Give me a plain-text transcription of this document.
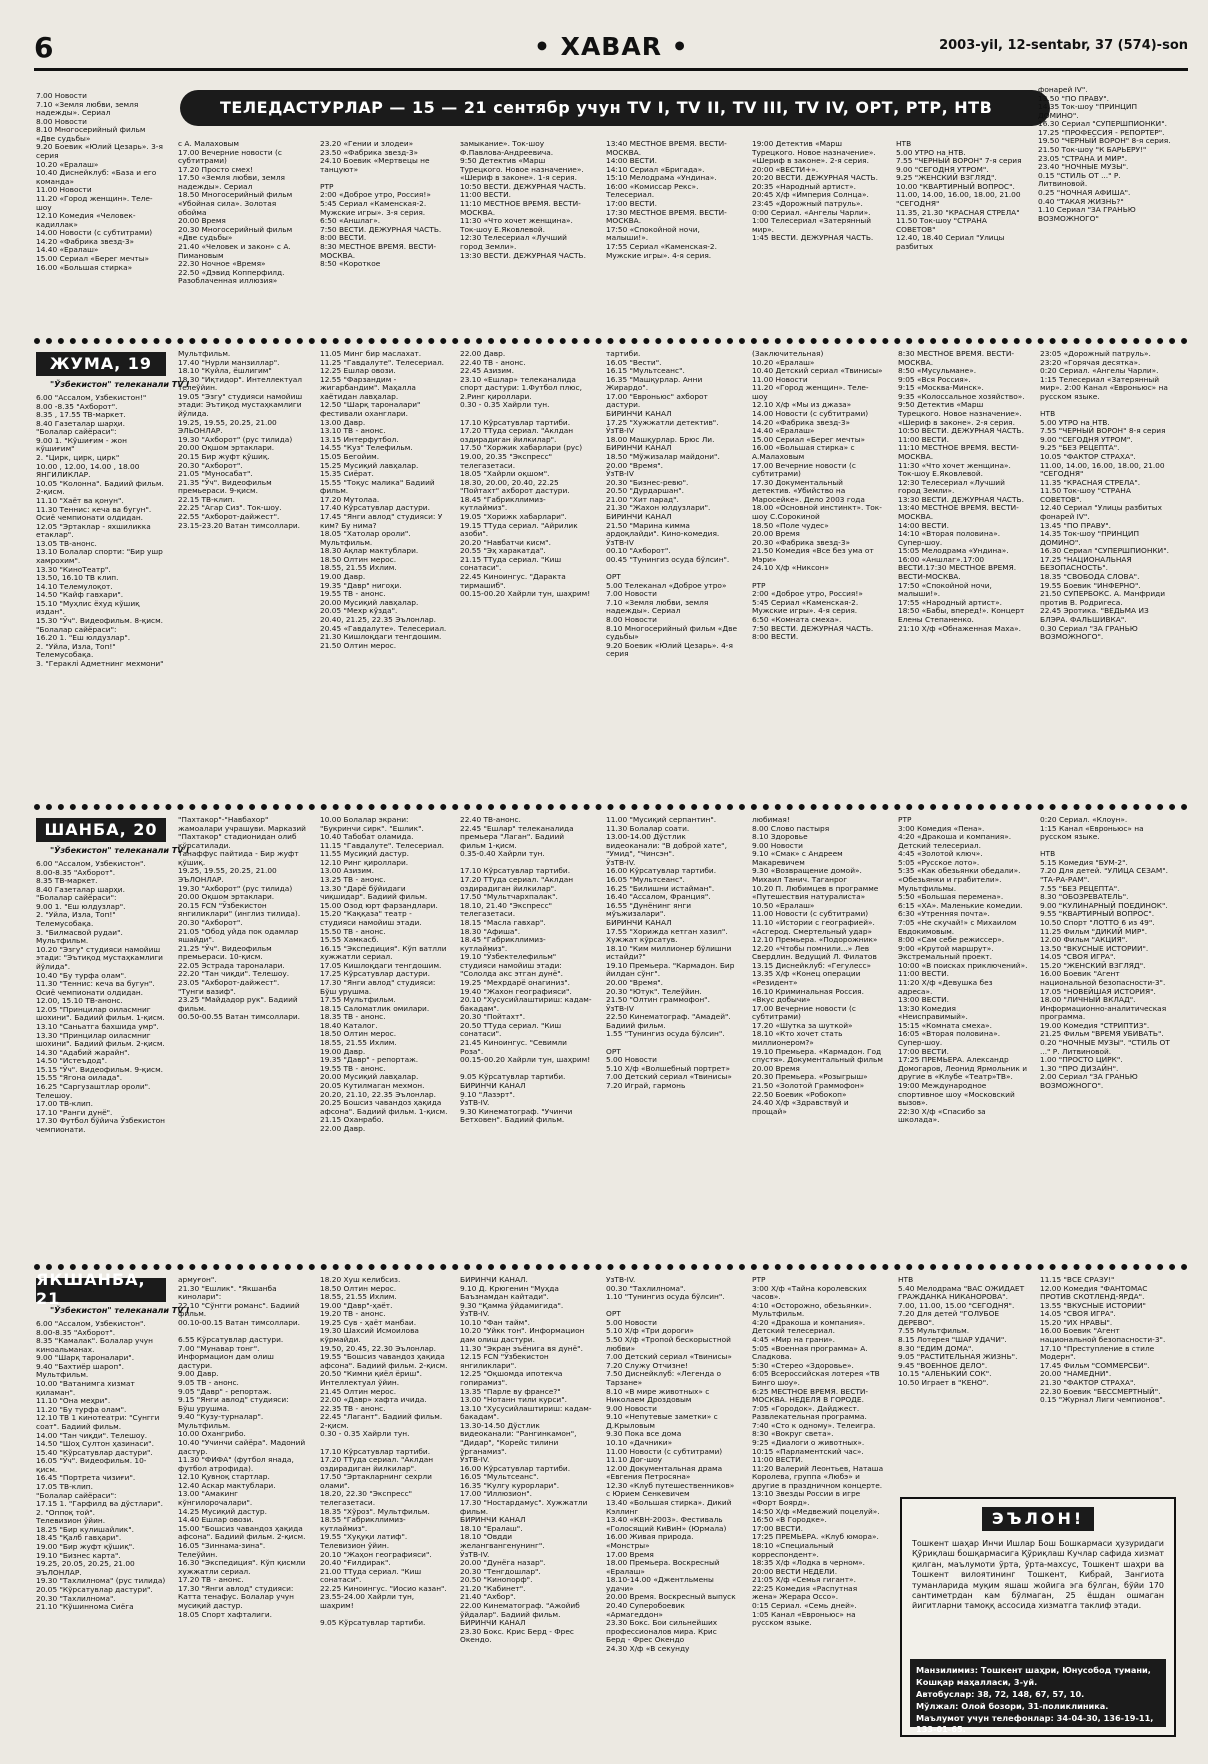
6	• XABAR •	2003-yil, 12-sentabr, 37 (574)-son
ТЕЛЕДАСТУРЛАР — 15 — 21 сентябр учун TV I, TV II, TV III, TV IV, ОРТ, РТР, НТВ
7.00 Новости
7.10 «Земля любви, земля надежды». Сериал
8.00 Новости
8.10 Многосерийный фильм «Две судьбы»
9.20 Боевик «Юлий Цезарь». 3-я серия
10.20 «Ералаш»
10.40 Диснейклуб: «База и его команда»
11.00 Новости
11.20 «Город женщин». Теле-шоу
12.10 Комедия «Человек-кадиллак»
14.00 Новости (с субтитрами)
14.20 «Фабрика звезд-3»
14.40 «Ералаш»
15.00 Сериал «Берег мечты»
16.00 «Большая стирка»
с А. Малаховым
17.00 Вечерние новости (с субтитрами)
17.20 Просто смех!
17.50 «Земля любви, земля надежды». Сериал
18.50 Многосерийный фильм «Убойная сила». Золотая обойма
20.00 Время
20.30 Многосерийный фильм «Две судьбы»
21.40 «Человек и закон» с А. Пимановым
22.30 Ночное «Время»
22.50 «Дэвид Копперфилд. Разоблаченная иллюзия»
23.20 «Гении и злодеи»
23.50 «Фабрика звезд-3»
24.10 Боевик «Мертвецы не танцуют»

РТР
2:00 «Доброе утро, Россия!»
5:45 Сериал «Каменская-2. Мужские игры». 3-я серия.
6:50 «Аншлаг».
7:50 ВЕСТИ. ДЕЖУРНАЯ ЧАСТЬ.
8:00 ВЕСТИ.
8:30 МЕСТНОЕ ВРЕМЯ. ВЕСТИ-МОСКВА.
8:50 «Короткое
замыкание». Ток-шоу Ф.Павлова-Андреевича.
9:50 Детектив «Марш Турецкого. Новое назначение». «Шериф в законе». 1-я серия.
10:50 ВЕСТИ. ДЕЖУРНАЯ ЧАСТЬ.
11:00 ВЕСТИ.
11:10 МЕСТНОЕ ВРЕМЯ. ВЕСТИ-МОСКВА.
11:30 «Что хочет женщина».
Ток-шоу Е.Яковлевой.
12:30 Телесериал «Лучший город Земли».
13:30 ВЕСТИ. ДЕЖУРНАЯ ЧАСТЬ.
13:40 МЕСТНОЕ ВРЕМЯ. ВЕСТИ-МОСКВА.
14:00 ВЕСТИ.
14:10 Сериал «Бригада».
15:10 Мелодрама «Ундина».
16:00 «Комиссар Рекс». Телесериал.
17:00 ВЕСТИ.
17:30 МЕСТНОЕ ВРЕМЯ. ВЕСТИ-МОСКВА.
17:50 «Спокойной ночи, малыши!».
17:55 Сериал «Каменская-2. Мужские игры». 4-я серия.
19:00 Детектив «Марш Турецкого. Новое назначение». «Шериф в законе». 2-я серия.
20:00 «ВЕСТИ+».
20:20 ВЕСТИ. ДЕЖУРНАЯ ЧАСТЬ.
20:35 «Народный артист».
20:45 Х/ф «Империя Солнца».
23:45 «Дорожный патруль».
0:00 Сериал. «Ангелы Чарли».
1:00 Телесериал «Затерянный мир».
1:45 ВЕСТИ. ДЕЖУРНАЯ ЧАСТЬ.
НТВ
5.00 УТРО на НТВ.
7.55 "ЧЕРНЫЙ ВОРОН" 7-я серия
9.00 "СЕГОДНЯ УТРОМ".
9.25 "ЖЕНСКИЙ ВЗГЛЯД".
10.00 "КВАРТИРНЫЙ ВОПРОС".
11.00, 14.00, 16.00, 18.00, 21.00 "СЕГОДНЯ"
11.35, 21.30 "КРАСНАЯ СТРЕЛА"
11.50 Ток-шоу "СТРАНА СОВЕТОВ"
12.40, 18.40 Сериал "Улицы разбитых
фонарей IV".
13.50 "ПО ПРАВУ".
14.35 Ток-шоу "ПРИНЦИП ДОМИНО".
16.30 Сериал "СУПЕРШПИОНКИ".
17.25 "ПРОФЕССИЯ - РЕПОРТЕР".
19.50 "ЧЕРНЫЙ ВОРОН" 8-я серия.
21.50 Ток-шоу "К БАРЬЕРУ!"
23.05 "СТРАНА И МИР".
23.40 "НОЧНЫЕ МУЗЫ".
0.15 "СТИЛЬ ОТ ..." Р. Литвиновой.
0.25 "НОЧНАЯ АФИША".
0.40 "ТАКАЯ ЖИЗНЬ?"
1.10 Сериал "ЗА ГРАНЬЮ ВОЗМОЖНОГО"
ЖУМА, 19
"Ўзбекистон" телеканали TV I
6.00 "Ассалом, Ўзбекистон!"
8.00 -8.35 "Ахборот".
8.35 , 17.55 ТВ-маркет.
8.40 Газеталар шарҳи.
"Болалар сайёраси":
9.00 1. "Кўшиғим - жон кўшиғим"
2. "Цирк, цирк, цирк"
10.00 , 12.00, 14.00 , 18.00 ЯНГИЛИКЛАР.
10.05 "Колонна". Бадиий фильм. 2-қисм.
11.10 "Хаёт ва қонун".
11.30 Теннис: кеча ва бугун". Осиё чемпионати олдидан.
12.05 "Эртаклар - яхшиликка етаклар".
13.05 ТВ-анонс.
13.10 Болалар спорти: "Бир ушр хамрохим".
13.30 "КиноТеатр".
13.50, 16.10 ТВ клип.
14.10 Телемулоқот.
14.50 "Кайф гавхари".
15.10 "Муҳлис ёхуд кўшиқ издан".
15.30 "Ўч". Видеофильм. 8-қисм.
"Болалар сайёраси":
16.20 1. "Еш юлдузлар".
2. "Уйла, Изла, Топ!" Телемусобақа.
3. "Гераклі Адметнинг мехмони"
Мультфильм.
17.40 "Нурли манзиллар".
18.10 "Куйла, ёшлигим"
18.30 "Иқтидор". Интеллектуал телеўйин.
19.05 "Эзгу" студияси намойиш этади: Эътиқод мустаҳкамлиги йўлида.
19.25, 19.55, 20.25, 21.00 ЭЛЬОНЛАР.
19.30 "Ахборот" (рус тилида)
20.00 Оқшом эртаклари.
20.15 Бир жуфт қўшиқ.
20.30 "Ахборот".
21.05 "Муносабат".
21.35 "Ўч". Видеофильм премьераси. 9-қисм.
22.15 ТВ-клип.
22.25 "Агар Сиз". Ток-шоу.
22.55 "Ахборот-дайжест".
23.15-23.20 Ватан тимсоллари.
11.05 Минг бир маслахат.
11.25 "Гавдалуте". Телесериал.
12.25 Ешлар овози.
12.55 "Фарзандим - жигарбандим". Маҳалла хаётидан лавҳалар.
12.50 "Шарқ тароналари" фестивали оханглари.
13.00 Давр.
13.10 ТВ - анонс.
13.15 Интерфутбол.
14.55 "Куз" Телефильм.
15.05 Бегойим.
15.25 Мусиқий лавҳалар.
15.35 Сиёрат.
15.55 "Тоқус малика" Бадиий фильм.
17.20 Мутолаа.
17.40 Кўрсатувлар дастури.
17.45 "Янги авлод" студияси: У ким? Бу нима?
18.05 "Хатолар ороли". Мультфильм.
18.30 Ақлар мактублари.
18.50 Олтин мерос.
18.55, 21.55 Ихлим.
19.00 Давр.
19.35 "Давр" нигоҳи.
19.55 ТВ - анонс.
20.00 Мусиқий лавҳалар.
20.05 "Мехр кўзда".
20.40, 21.25, 22.35 Эълонлар.
20.45 «Гавдалуте». Телесериал.
21.30 Кишлоқдаги тенгдошим.
21.50 Олтин мерос.
22.00 Давр.
22.40 ТВ - анонс.
22.45 Азизим.
23.10 «Ешлар» телеканалида спорт дастури: 1.Футбол плюс, 2.Ринг қироллари.
0.30 - 0.35 Хайрли тун.

17.10 Кўрсатувлар тартиби.
17.20 ТТуда сериал. "Аклдан оздирадиган йилкилар".
17.50 "Хоржик хабарлари (рус)
19.00, 20.35 "Экспресс" телегазетаси.
18.05 "Хайрли оқшом".
18.30, 20.00, 20.40, 22.25 "Пойтахт" ахборот дастури.
18.45 "Габрикллимиз-кутлаймиз".
19.05 "Хорижк хабарлари".
19.15 ТТуда сериал. "Айрилик азоби".
20.20 "Навбатчи кисм".
20.55 "Эҳ харакатда".
21.15 ТТуда сериал. "Киш сонатаси".
22.45 Киноингус. "Даракта тирмашиб".
00.15-00.20 Хайрли тун, шаҳрим!
тартиби.
16.05 "Вести".
16.15 "Мультсеанс".
16.35 "Машқурлар. Анни Жирардо".
17.00 "Евроньюс" ахборот дастури.
БИРИНЧИ КАНАЛ
17.25 "Хужжатли детектив".
ЎзТВ-IV
18.00 Машқурлар. Брюс Ли.
БИРИНЧИ КАНАЛ
18.50 "Мўжизалар майдони".
20.00 "Время".
ЎзТВ-IV
20.30 "Бизнес-ревю".
20.50 "Дурдаршан".
21.00 "Хит парад".
21.30 "Жахон юлдузлари".
БИРИНЧИ КАНАЛ
21.50 "Марина кимма ардоқлайди". Кино-комедия.
ЎзТВ-IV
00.10 "Ахборот".
00.45 "Тунингиз осуда бўлсин".

ОРТ
5.00 Телеканал «Доброе утро»
7.00 Новости
7.10 «Земля любви, земля надежды». Сериал
8.00 Новости
8.10 Многосерийный фильм «Две судьбы»
9.20 Боевик «Юлий Цезарь». 4-я серия
(Заключительная)
10.20 «Ералаш»
10.40 Детский сериал «Твинисы»
11.00 Новости
11.20 «Город женщин». Теле-шоу
12.10 Х/ф «Мы из джаза»
14.00 Новости (с субтитрами)
14.20 «Фабрика звезд-3»
14.40 «Ералаш»
15.00 Сериал «Берег мечты»
16.00 «Большая стирка» с А.Малаховым
17.00 Вечерние новости (с субтитрами)
17.30 Документальный детектив. «Убийство на Маросейке». Дело 2003 года
18.00 «Основной инстинкт». Ток-шоу С.Сорокиной
18.50 «Поле чудес»
20.00 Время
20.30 «Фабрика звезд-3»
21.50 Комедия «Все без ума от Мэри»
24.10 Х/ф «Никсон»

РТР
2:00 «Доброе утро, Россия!»
5:45 Сериал «Каменская-2. Мужские игры». 4-я серия.
6:50 «Комната смеха».
7:50 ВЕСТИ. ДЕЖУРНАЯ ЧАСТЬ.
8:00 ВЕСТИ.
8:30 МЕСТНОЕ ВРЕМЯ. ВЕСТИ-МОСКВА.
8:50 «Мусульмане».
9:05 «Вся Россия».
9:15 «Москва-Минск».
9:35 «Колоссальное хозяйство».
9:50 Детектив «Марш Турецкого. Новое назначение». «Шериф в законе». 2-я серия.
10:50 ВЕСТИ. ДЕЖУРНАЯ ЧАСТЬ.
11:00 ВЕСТИ.
11:10 МЕСТНОЕ ВРЕМЯ. ВЕСТИ-МОСКВА.
11:30 «Что хочет женщина». Ток-шоу Е.Яковлевой.
12:30 Телесериал «Лучший город Земли».
13:30 ВЕСТИ. ДЕЖУРНАЯ ЧАСТЬ.
13:40 МЕСТНОЕ ВРЕМЯ. ВЕСТИ-МОСКВА.
14:00 ВЕСТИ.
14:10 «Вторая половина». Супер-шоу.
15:05 Мелодрама «Ундина».
16:00 «Аншлаг».17:00 ВЕСТИ.17:30 МЕСТНОЕ ВРЕМЯ. ВЕСТИ-МОСКВА.
17:50 «Спокойной ночи, малыши!».
17:55 «Народный артист».
18:50 «Бабы, вперед!». Концерт Елены Степаненко.
21:10 Х/ф «Обнаженная Маха».
23:05 «Дорожный патруль». 23:20 «Горячая десятка».
0:20 Сериал. «Ангелы Чарли».
1:15 Телесериал «Затерянный мир». 2:00 Канал «Евроньюс» на русском языке.

НТВ
5.00 УТРО на НТВ.
7.55 "ЧЕРНЫЙ ВОРОН" 8-я серия
9.00 "СЕГОДНЯ УТРОМ".
9.25 "БЕЗ РЕЦЕПТА".
10.05 "ФАКТОР СТРАХА".
11.00, 14.00, 16.00, 18.00, 21.00 "СЕГОДНЯ"
11.35 "КРАСНАЯ СТРЕЛА".
11.50 Ток-шоу "СТРАНА СОВЕТОВ".
12.40 Сериал "Улицы разбитых фонарей IV".
13.45 "ПО ПРАВУ".
14.35 Ток-шоу "ПРИНЦИП ДОМИНО".
16.30 Сериал "СУПЕРШПИОНКИ".
17.25 "НАЦИОНАЛЬНАЯ БЕЗОПАСНОСТЬ".
18.35 "СВОБОДА СЛОВА".
19.55 Боевик "ИНФЕРНО".
21.50 СУПЕРБОКС. А. Манфриди против В. Родригеса.
22.45 Эротика. "ВЕДЬМА ИЗ БЛЭРА. ФАЛЬШИВКА".
0.30 Сериал "ЗА ГРАНЬЮ ВОЗМОЖНОГО".
ШАНБА, 20
"Ўзбекистон" телеканали TV I
6.00 "Ассалом, Ўзбекистон".
8.00-8.35 "Ахборот".
8.35 ТВ-маркет.
8.40 Газеталар шарҳи.
"Болалар сайёраси":
9.00 1. "Еш юлдузлар".
2. "Уйла, Изла, Топ!" Телемусобақа.
3. "Билмасвой рудаи". Мультфильм.
10.20 "Эзгу" студияси намойиш этади: "Эътиқод мустаҳкамлиги йўлида".
10.40 "Бу турфа олам".
11.30 "Теннис: кеча ва бугун". Осиё чемпионати олдидан.
12.00, 15.10 ТВ-анонс.
12.05 "Принцилар оилаcмниг шохини". Бадиий фильм. 1-қисм.
13.10 "Саньатга бахшида умр".
13.30 "Принцилар оилаcмниг шохини". Бадиий фильм. 2-қисм.
14.30 "Адабий жарайн".
14.50 "Истеъдод".
15.15 "Ўч". Видеофильм. 9-қисм.
15.55 "Ягона оилада".
16.25 "Саргузаштлар ороли". Телешоу.
17.00 ТВ-клип.
17.10 "Ранги дунё".
17.30 Футбол бўйича Ўзбекистон чемпионати.
"Пахтакор"-"Навбахор" жамоалари учрашуви. Марказий "Пахтакор" стадионидан олиб кўрсатилади.
Танаффус пайтида - Бир жуфт қўшиқ.
19.25, 19.55, 20.25, 21.00 ЭЪЛОНЛАР.
19.30 "Ахборот" (рус тилида)
20.00 Оқшом эртаклари.
20.15 FCN "Ўзбекистон янгиликлари" (инглиз тилида).
20.30 "Ахборот".
21.05 "Обод уйда пок одамлар яшайди".
21.25 "Ўч". Видеофильм премьераси. 10-қисм.
22.05 Эстрада тароналари.
22.20 "Тан чиқди". Телешоу.
23.05 "Ахборот-дайжест".
"Тунги вазиф".
23.25 "Майдадор рук". Бадиий фильм.
00.50-00.55 Ватан тимсоллари.
10.00 Болалар экрани: "Букринчи сирк". "Ешлик".
10.40 Табобат оламида.
11.15 "Гавдалуте". Телесериал.
11.55 Мусиқий дастур.
12.10 Ринг қироллари.
13.00 Азизим.
13.25 ТВ - анонс.
13.30 "Дарё бўйидаги чиқшидар". Бадиий фильм.
15.00 Озод юрт фарзандлари.
15.20 "Каққаза" театр - студияси намойиш этади.
15.50 ТВ - анонс.
15.55 Хамкасб.
16.15 "Экспедиция". Кўп ватлли хужжатли сериал.
17.05 Кишлоқдаги тенгдошим.
17.25 Кўрсатувлар дастури.
17.30 "Янги авлод" студияси: Бўш урушма.
17.55 Мультфильм.
18.15 Саломатлик омилари.
18.35 ТВ - анонс.
18.40 Каталог.
18.50 Олтин мерос.
18.55, 21.55 Ихлим.
19.00 Давр.
19.35 "Давр" - репортаж.
19.55 ТВ - анонс.
20.00 Мусиқий лавҳалар.
20.05 Кутилмаган мехмон.
20.20, 21.10, 22.35 Эълонлар.
20.25 Бошсиз чавандоз ҳақида афсона". Бадиий фильм. 1-қисм.
21.15 Оханрабо.
22.00 Давр.
22.40 ТВ-анонс.
22.45 "Ешлар" телеканалида премьера "Лаган". Бадиий фильм 1-қисм.
0.35-0.40 Хайрли тун.

17.10 Кўрсатувлар тартиби.
17.20 ТТуда сериал. "Аклдан оздирадиган йилкилар".
17.50 "Мультчархпалак".
18.10, 21.40 "Экспресс" телегазетаси.
18.15 "Масла гавхар".
18.30 "Афиша".
18.45 "Габрикллимиз-кутлаймиз".
19.10 "Ўзбектелефильм" студияси намойиш этади: "Сололда акс этган дунё".
19.25 "Мехрдарё онагиниз".
19.40 "Жахон географияси".
20.10 "Хусусийлаштириш: кадам-бакадам".
20.30 "Пойтахт".
20.50 ТТуда сериал. "Киш сонатаси".
21.45 Киноингус. "Севимли Роза".
00.15-00.20 Хайрли тун, шаҳрим!

9.05 Кўрсатувлар тартиби.
БИРИНЧИ КАНАЛ
9.10 "Лазэрт".
ЎзТВ-IV.
9.30 Кинематограф. "Учинчи Бетховен". Бадиий фильм.
11.00 "Мусиқий серпантин".
11.30 Болалар соати.
13.00-14.00 Дўстлик видеоканали: "В доброй хате", "Умид", "Чинсэн".
ЎзТВ-IV.
16.00 Кўрсатувлар тартиби.
16.05 "Мультсеанс".
16.25 "Билишни истайман".
16.40 "Ассалом, Франция".
16.55 "Дунёнинг янги мўъжизалари".
БИРИНЧИ КАНАЛ
17.55 "Хорижда кетган хазил".
Хужжат кўрсатув.
18.10 "Ким миллионер бўлишни истайди?"
19.10 Премьера. "Кармадон. Бир йилдан сўнг".
20.00 "Время".
20.30 "Ютук". Телеўйин.
21.50 "Олтин граммофон".
ЎзТВ-IV
22.50 Кинематограф. "Амадей". Бадиий фильм.
1.55 "Тунингиз осуда бўлсин".

ОРТ
5.00 Новости
5.10 Х/ф «Волшебный портрет»
7.00 Детский сериал «Твинисы»
7.20 Играй, гармонь
любимая!
8.00 Слово пастыря
8.10 Здоровье
9.00 Новости
9.10 «Смак» с Андреем Макаревичем
9.30 «Возвращение домой». Михаил Танич. Таганрог
10.20 П. Любимцев в программе «Путешествия натуралиста»
10.50 «Ералаш»
11.00 Новости (с субтитрами)
11.10 «Истории с географией». «Асгерод. Смертельный удар»
12.10 Премьера. «Подорожник»
12.20 «Чтобы помнили...» Лев Свердлин. Ведущий Л. Филатов
13.15 Диснейклуб: «Гегулесс»
13.35 Х/ф «Конец операции «Резидент»
16.10 Криминальная Россия. «Вкус добычи»
17.00 Вечерние новости (с субтитрами)
17.20 «Шутка за шуткой»
18.10 «Кто хочет стать миллионером?»
19.10 Премьера. «Кармадон. Год спустя». Документальный фильм
20.00 Время
20.30 Премьера. «Розыгрыш»
21.50 «Золотой Граммофон»
22.50 Боевик «Робокоп»
24.40 Х/ф «Здравствуй и прощай»
РТР
3:00 Комедия «Пена».
4:20 «Дракоша и компания». Детский телесериал.
4:45 «Золотой ключ».
5:05 «Русское лото».
5:35 «Как обезьянки обедали». «Обезьянки и грабители». Мультфильмы.
5:50 «Большая перемена».
6:15 «ХА». Маленькие комедии.
6:30 «Утренняя почта».
7:05 «Не скучай!» с Михаилом Евдокимовым.
8:00 «Сам себе режиссер».
9:00 «Крутой маршрут». Экстремальный проект.
10:00 «В поисках приключений».
11:00 ВЕСТИ.
11:20 Х/ф «Девушка без адреса».
13:00 ВЕСТИ.
13:30 Комедия «Неисправимый».
15:15 «Комната смеха».
16:05 «Вторая половина». Супер-шоу.
17:00 ВЕСТИ.
17:25 ПРЕМЬЕРА. Александр Домогаров, Леонид Ярмольник и другие в «Клубе «Театр»ТВ».
19:00 Международное спортивное шоу «Московский вызов».
22:30 Х/ф «Спасибо за школада».
0:20 Сериал. «Клоун».
1:15 Канал «Евроньюс» на русском языке.

НТВ
5.15 Комедия "БУМ-2".
7.20 Для детей. "УЛИЦА СЕЗАМ". "ТА-РА-РАМ".
7.55 "БЕЗ РЕЦЕПТА".
8.30 "ОБОЗРЕВАТЕЛЬ".
9.00 "КУЛИНАРНЫЙ ПОЕДИНОК".
9.55 "КВАРТИРНЫЙ ВОПРОС".
10.50 Спорт "ЛОТТО 6 из 49".
11.25 Фильм "ДИКИЙ МИР".
12.00 Фильм "АКЦИЯ".
13.50 "ВКУСНЫЕ ИСТОРИИ".
14.05 "СВОЯ ИГРА".
15.20 "ЖЕНСКИЙ ВЗГЛЯД".
16.00 Боевик "Агент национальной безопасности-3".
17.05 "НОВЕЙШАЯ ИСТОРИЯ".
18.00 "ЛИЧНЫЙ ВКЛАД". Информационно-аналитическая программа.
19.00 Комедия "СТРИПТИЗ".
21.25 Фильм "ВРЕМЯ УБИВАТЬ".
0.20 "НОЧНЫЕ МУЗЫ". "СТИЛЬ ОТ ..." Р. Литвиновой.
1.00 "ПРОСТО ЦИРК".
1.30 "ПРО ДИЗАЙН".
2.00 Сериал "ЗА ГРАНЬЮ ВОЗМОЖНОГО".
ЯКШАНБА, 21
"Ўзбекистон" телеканали TV I
6.00 "Ассалом, Ўзбекистон".
8.00-8.35 "Ахборот".
8.35 "Камалак". Болалар учун киноальманах.
9.00 "Шарқ тароналари".
9.40 "Бахтиёр шароп". Мультфильм.
10.00 "Ватанимга хизмат қиламан".
11.10 "Она меҳри".
11.20 "Бу турфа олам".
12.10 ТВ 1 кинотеатри: "Сунгги соат". Бадиий фильм.
14.00 "Тан чиқди". Телешоу.
14.50 "Шоҳ Султон ҳазинаси".
15.40 "Кўрсатувлар дастури".
16.05 "Ўч". Видеофильм. 10-қисм.
16.45 "Портрета чизиғи".
17.05 ТВ-клип.
"Болалар сайёраси":
17.15 1. "Гарфилд ва дўстлари".
2. "Оппоқ той".
Телевизион ўйин.
18.25 "Бир кулишайлик".
18.45 "Қалб гавҳари".
19.00 "Бир жуфт қўшиқ".
19.10 "Бизнес карта".
19.25, 20.05, 20.25, 21.00 ЭЪЛОНЛАР.
19.30 "Тахлилнома" (рус тилида)
20.05 "Кўрсатувлар дастури".
20.30 "Тахлилнома".
21.10 "Кўшиннома Сиёга
армуғон".
21.30 "Ешлик". "Якшанба кинолари":
22.10 "Сўнгги романс". Бадиий фильм.
00.10-00.15 Ватан тимсоллари.

6.55 Кўрсатувлар дастури.
7.00 "Мунавар тонг". Информацион дам олиш дастури.
9.00 Давр.
9.05 ТВ - анонс.
9.05 "Давр" - репортаж.
9.15 "Янги авлод" студияси: Бўш урушма.
9.40 "Кузу-турналар". Мультфильм.
10.00 Охангрибо.
10.40 "Учинчи сайёра". Мадоний дастур.
11.30 "ФИФА" (футбол янада, футбол атрофида).
12.10 Қувноқ стартлар.
12.40 Аскар мактублари.
13.00 "Амакинг кўнгилорочалари".
14.25 Мусиқий дастур.
14.40 Ешлар овози.
15.00 "Бошсиз чавандоз ҳақида афсона". Бадиий фильм. 2-қисм.
16.05 "Зиннама-зина". Телеўйин.
16.30 "Экспедиция". Кўп қисмли хужжатли сериал.
17.20 ТВ - анонс.
17.30 "Янги авлод" студияси: Катта тенафус. Болалар учун мусиқий дастур.
18.05 Спорт хафталиги.
18.20 Хуш келибсиз.
18.50 Олтин мерос.
18.55, 21.55 Ихлим.
19.00 "Давр"-ҳаёт.
19.20 ТВ - анонс.
19.25 Сув - ҳаёт манбаи.
19.30 Шахсий Исмоилова кўрмайди.
19.50, 20.45, 22.30 Эълонлар.
19.55 "Бошсиз чавандоз ҳақида афсона". Бадиий фильм. 2-қисм.
20.50 "Кимни қиёл ёриш". Интеллектуал ўйин.
21.45 Олтин мерос.
22.00 «Давр» хафта ичида.
22.35 ТВ - анонс.
22.45 "Лагант". Бадиий фильм. 2-қисм.
0.30 - 0.35 Хайрли тун.

17.10 Кўрсатувлар тартиби.
17.20 ТТуда сериал. "Аклдан оздирадиган йилкилар".
17.50 "Эртакларнинг сехрли олами".
18.20, 22.30 "Экспресс" телегазетаси.
18.35 "Хўроз". Мультфильм.
18.55 "Габрикллимиз-кутлаймиз".
19.55 "Хуқуқи латиф". Телевизион ўйин.
20.10 "Жаҳон географияси".
20.40 "Ғилдирак".
21.00 ТТуда сериал. "Киш сонатаси".
22.25 Киноингус. "Иосио казан".
23.55-24.00 Хайрли тун, шаҳрим!

9.05 Кўрсатувлар тартиби.
БИРИНЧИ КАНАЛ.
9.10 Д. Крюгенин "Муҳда Баъзнамдан кайтади".
9.30 "Қамма ўйдамигида".
ЎзТВ-IV.
10.10 "Фан тайм".
10.20 "Уйкк тон". Информацион дам олиш дастури.
11.30 "Экран эъёнига вя дунё".
12.15 FCN "Ўзбекистон янгиликлари".
12.25 "Оқшомда ипотекча гопирамиз".
13.35 "Парле ву франсе?"
13.00 "Нотанн тили курси".
13.10 "Хусусийлаштириш: кадам-бакадам".
13.30-14.50 Дўстлик видеоканали: "Рангинкамон", "Дидар", "Корейс тилини ўрганамиз".
ЎзТВ-IV.
16.00 Кўрсатувлар тартиби.
16.05 "Мультсеанс".
16.35 "Кулгу курорлари".
17.00 "Иллюзион".
17.30 "Ностардамус". Хужжатли фильм.
БИРИНЧИ КАНАЛ
18.10 "Ералаш".
18.10 "Овдди желангвангенунинг".
ЎзТВ-IV.
20.00 "Дунёга назар".
20.30 "Тенгдошлар".
20.50 "Кинопорф".
21.20 "Кабинет".
21.40 "Ахбор".
22.00 Кинематограф. "Ажойиб ўйдалар". Бадиий фильм.
БИРИНЧИ КАНАЛ
23.30 Бокс. Крис Берд - Фрес Окендо.
ЎзТВ-IV.
00.30 "Тахлилнома".
1.10 "Тунингиз осуда бўлсин".

ОРТ
5.00 Новости
5.10 Х/ф «Три дороги»
5.50 Х/ф «Тропой бескорыстной любви»
7.00 Детский сериал «Твинисы»
7.20 Служу Отчизне!
7.50 Диснейклуб: «Легенда о Тарзане»
8.10 «В мире животных» с Николаем Дроздовым
9.00 Новости
9.10 «Непутевые заметки» с Д.Крыловым
9.30 Пока все дома
10.10 «Дачники»
11.00 Новости (с субтитрами)
11.10 Дог-шоу
12.00 Документальная драма «Евгения Петросяна»
12.30 «Клуб путешественников» с Юрием Сенкевичем
13.40 «Большая стирка». Дикий Кэллинг
13.40 «КВН-2003». Фестиваль «Голосящий КиВиН» (Юрмала)
16.00 Живая природа. «Монстры»
17.00 Время
18.00 Премьера. Воскресный «Ералаш»
18.10-14.00 «Джентльмены удачи»
20.00 Время. Воскресный выпуск
20.40 Суперобоевик «Армагеддон»
23.30 Бокс. Бои сильнейших профессионалов мира. Крис Берд - Фрес Окендо
24.30 Х/ф «В секунду
РТР
3:00 Х/ф «Тайна королевских часов».
4:10 «Осторожно, обезьянки». Мультфильм.
4:20 «Дракоша и компания». Детский телесериал.
4:45 «Мир на грани».
5:05 «Военная программа» А. Сладкова.
5:30 «Стерео «Здоровье».
6:05 Всероссийская лотерея «ТВ Бинго шоу».
6:25 МЕСТНОЕ ВРЕМЯ. ВЕСТИ-МОСКВА. НЕДЕЛЯ В ГОРОДЕ.
7:05 «Городок». Дайджест. Развлекательная программа.
7:40 «Сто к одному». Телеигра.
8:30 «Вокруг света».
9:25 «Диалоги о животных».
10:15 «Парламентский час».
11:00 ВЕСТИ.
11:20 Валерий Леонтьев, Наташа Королева, группа «Любэ» и другие в праздничном концерте.
13:10 Звезды России в игре «Форт Боярд».
14:50 Х/ф «Медвежий поцелуй».
16:50 «В Городке».
17:00 ВЕСТИ.
17:25 ПРЕМЬЕРА. «Клуб юмора».
18:10 «Специальный корреспондент».
18:35 Х/ф «Лодка в черном».
20:00 ВЕСТИ НЕДЕЛИ.
21:05 Х/ф «Семья гигант».
22:25 Комедия «Распутная жена» Жерара Оссо».
0:15 Сериал. «Семь дней».
1:05 Канал «Евроньюс» на русском языке.
НТВ
5.40 Мелодрама "ВАС ОЖИДАЕТ ГРАЖДАНКА НИКАНОРОВА".
7.00, 11.00, 15.00 "СЕГОДНЯ".
7.20 Для детей "ГОЛУБОЕ ДЕРЕВО".
7.55 Мультфильм.
8.15 Лотерея "ШАР УДАЧИ".
8.30 "ЕДИМ ДОМА".
9.05 "РАСТИТЕЛЬНАЯ ЖИЗНЬ".
9.45 "ВОЕННОЕ ДЕЛО".
10.15 "АЛЕНЬКИЙ СОК".
10.50 Играет в "КЕНО".
11.15 "ВСЕ СРАЗУ!"
12.00 Комедия "ФАНТОМАС ПРОТИВ СКОТЛЕНД-ЯРДА".
13.55 "ВКУСНЫЕ ИСТОРИИ"
14.05 "СВОЯ ИГРА".
15.20 "ИХ НРАВЫ".
16.00 Боевик "Агент национальной безопасности-3".
17.10 "Преступление в стиле Модерн".
17.45 Фильм "СОММЕРСБИ".
20.00 "НАМЕДНИ".
21.30 "ФАКТОР СТРАХА".
22.30 Боевик "БЕССМЕРТНЫЙ".
0.15 "Журнал Лиги чемпионов".
ЭЪЛОН!
Тошкент шаҳар Инчи Ишлар Бош Бошкармаси ҳузуридаги Қўриқлаш бошқармасига Қўриқлаш Кучлар сафида хизмат қилган, маълумоти ўрта, ўрта-махсус, Тошкент шаҳри ва Тошкент вилоятининг Тошкент, Кибрай, Зангиота туманларида муқим яшаш жойига эга бўлган, бўйи 170 сантиметрдан кам бўлмаган, 25 ёшдан ошмаган йигитларни тамоққ ассосида хизматга таклиф этади.
Манзилимиз: Тошкент шаҳри, Юнусобод тумани, Кошқар маҳалласи, 3-уй.
Автобуслар: 38, 72, 148, 67, 57, 10.
Мўлжал: Олой бозори, 31-поликлиника.
Маълумот учун телефонлар: 34-04-30, 136-19-11, 133-01-65.
